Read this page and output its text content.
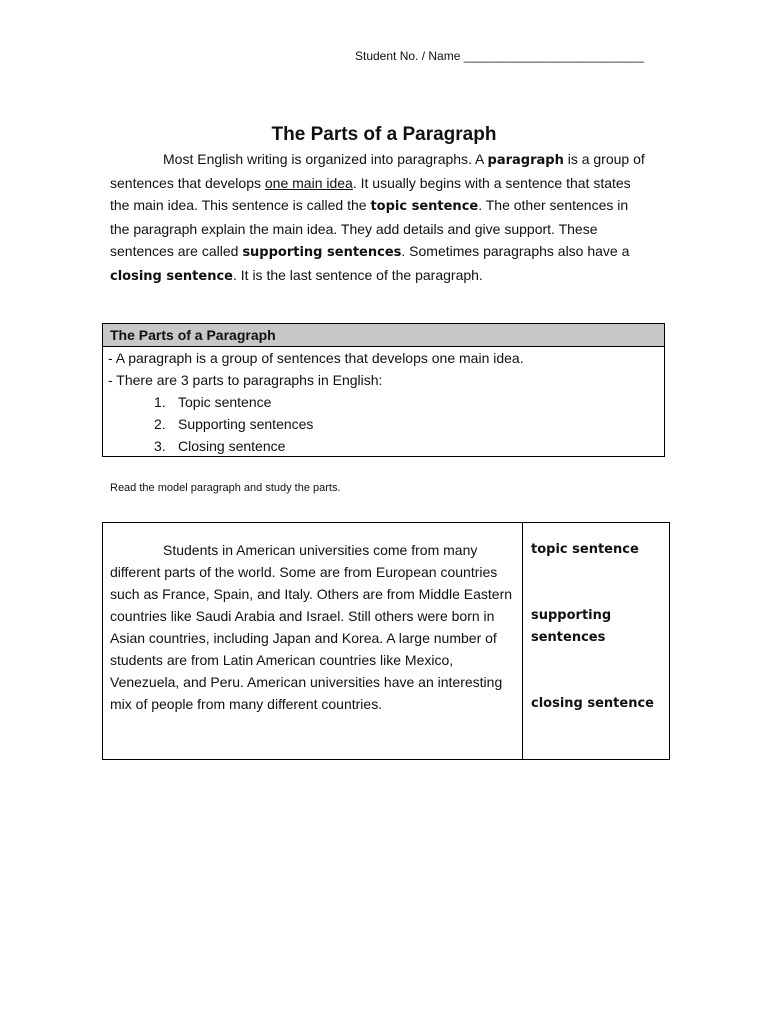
Student No. / Name ___________________________
The Parts of a Paragraph

Most English writing is organized into paragraphs. A paragraph is a group of sentences that develops one main idea. It usually begins with a sentence that states the main idea. This sentence is called the topic sentence. The other sentences in the paragraph explain the main idea. They add details and give support. These sentences are called supporting sentences. Sometimes paragraphs also have a closing sentence. It is the last sentence of the paragraph.

The Parts of a Paragraph
- A paragraph is a group of sentences that develops one main idea.
- There are 3 parts to paragraphs in English:
1. Topic sentence
2. Supporting sentences
3. Closing sentence
Read the model paragraph and study the parts.

Students in American universities come from many different parts of the world. Some are from European countries such as France, Spain, and Italy. Others are from Middle Eastern countries like Saudi Arabia and Israel. Still others were born in Asian countries, including Japan and Korea. A large number of students are from Latin American countries like Mexico, Venezuela, and Peru. American universities have an interesting mix of people from many different countries.

topic sentence
supporting
sentences
closing sentence
